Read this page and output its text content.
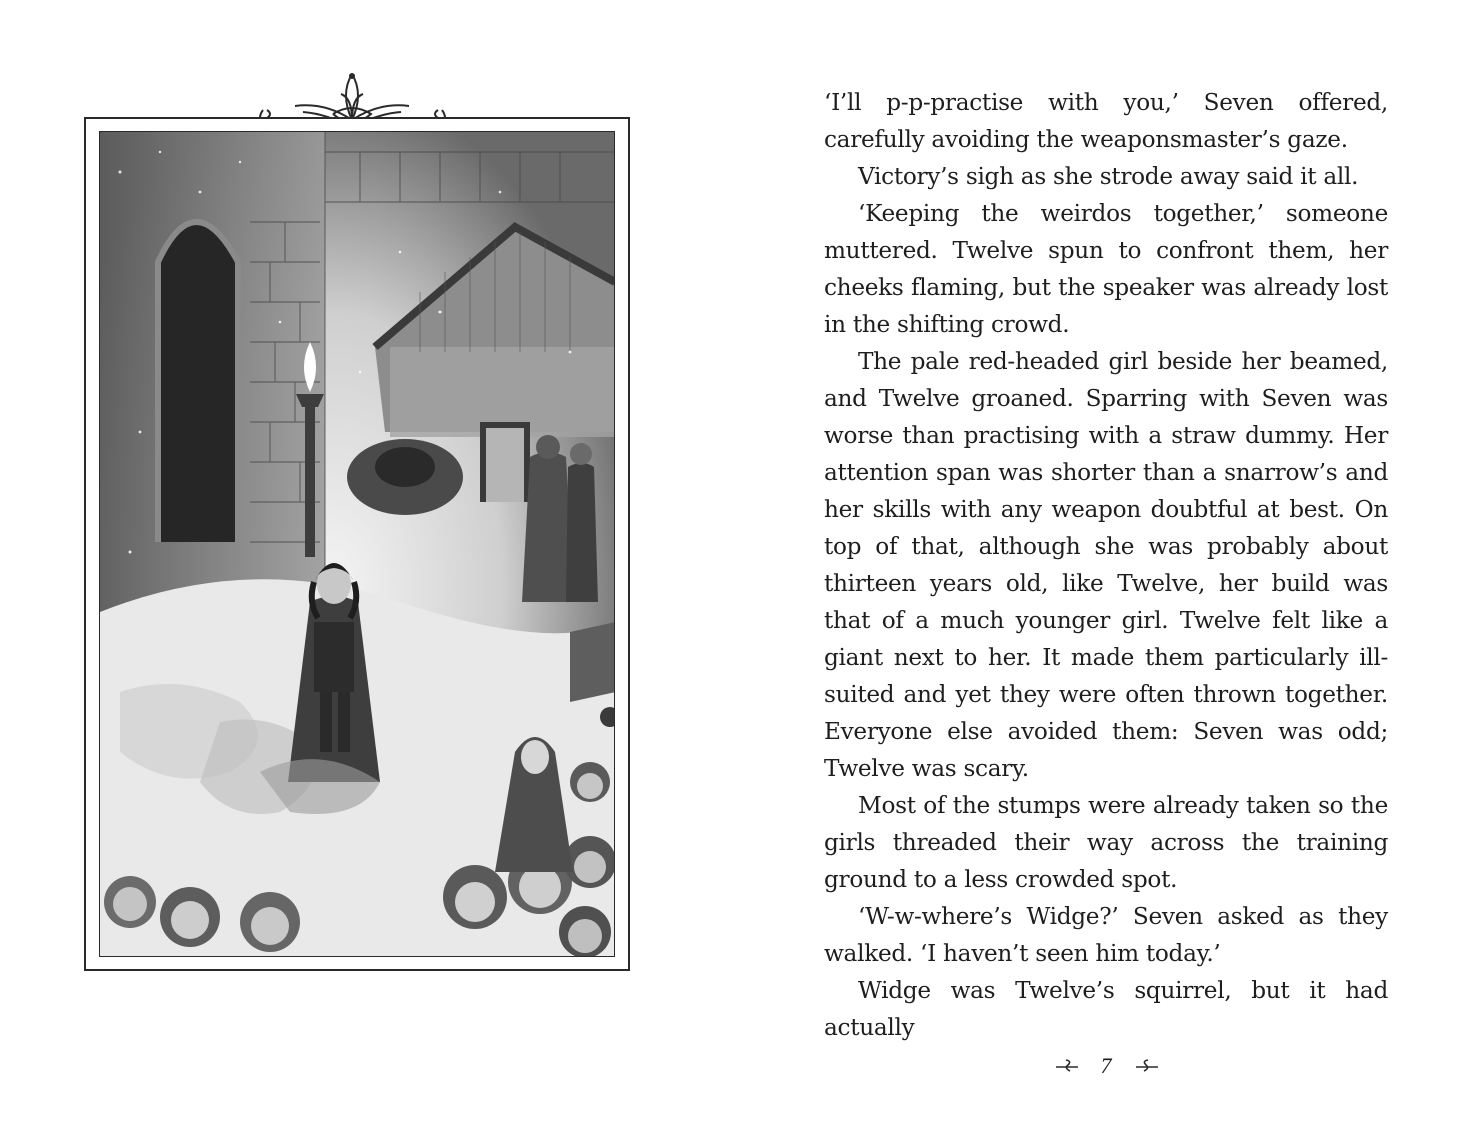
‘I’ll p-p-practise with you,’ Seven offered, carefully avoiding the weaponsmaster’s gaze.

Victory’s sigh as she strode away said it all.

‘Keeping the weirdos together,’ someone muttered. Twelve spun to confront them, her cheeks flaming, but the speaker was already lost in the shifting crowd.

The pale red-headed girl beside her beamed, and Twelve groaned. Sparring with Seven was worse than practising with a straw dummy. Her attention span was shorter than a snarrow’s and her skills with any weapon doubtful at best. On top of that, although she was probably about thirteen years old, like Twelve, her build was that of a much younger girl. Twelve felt like a giant next to her. It made them particularly ill-suited and yet they were often thrown together. Everyone else avoided them: Seven was odd; Twelve was scary.

Most of the stumps were already taken so the girls threaded their way across the training ground to a less crowded spot.

‘W-w-where’s Widge?’ Seven asked as they walked. ‘I haven’t seen him today.’

Widge was Twelve’s squirrel, but it had actually

7
